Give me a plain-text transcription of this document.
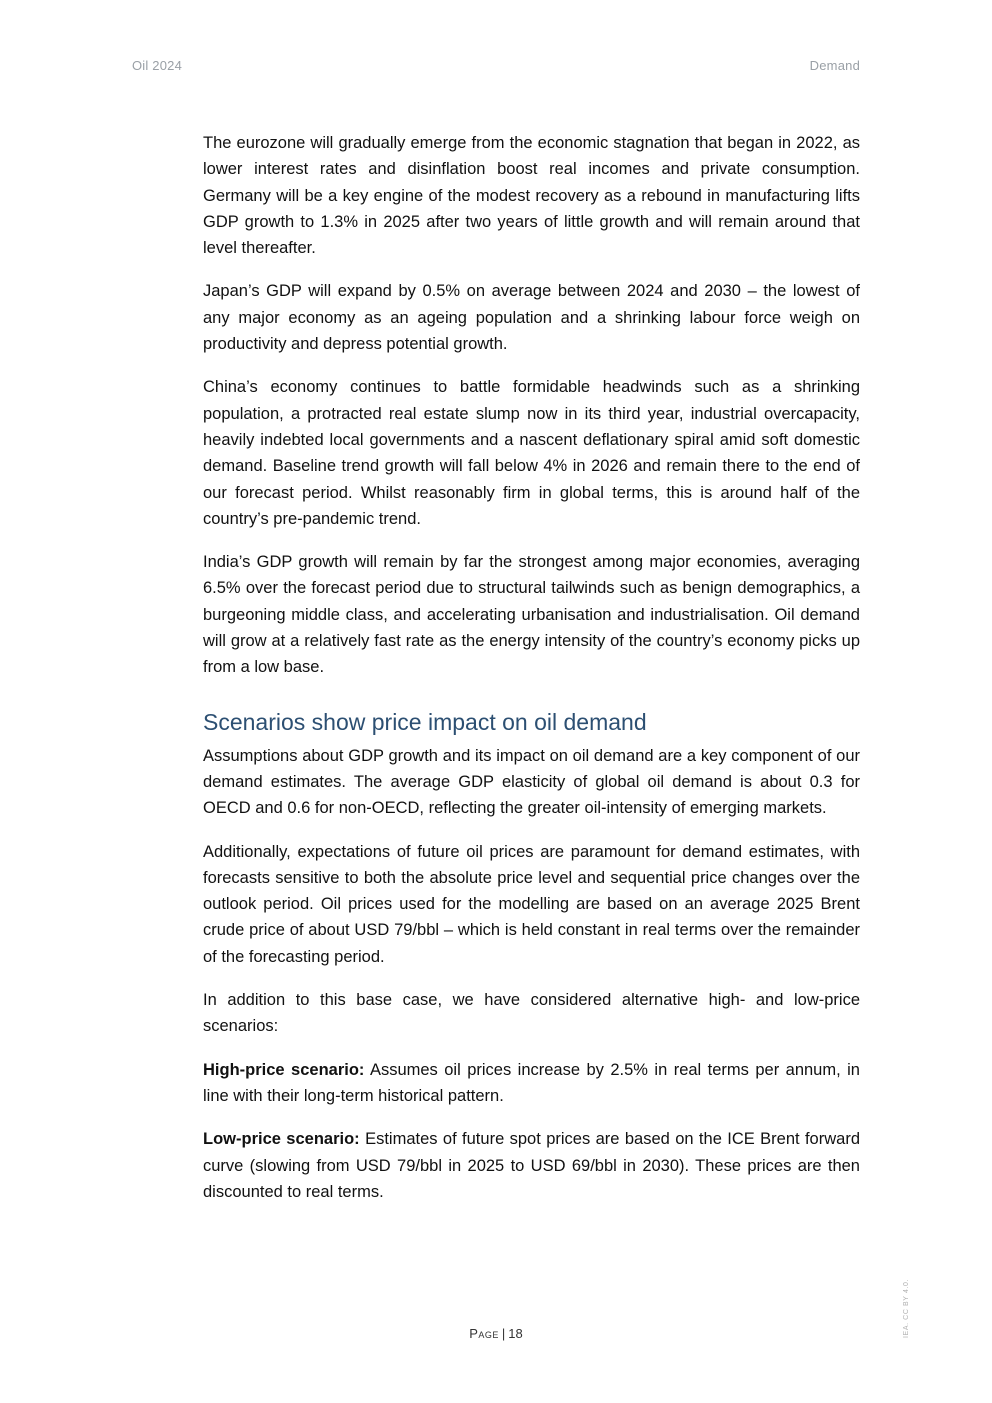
Oil 2024	Demand

The eurozone will gradually emerge from the economic stagnation that began in 2022, as lower interest rates and disinflation boost real incomes and private consumption. Germany will be a key engine of the modest recovery as a rebound in manufacturing lifts GDP growth to 1.3% in 2025 after two years of little growth and will remain around that level thereafter.

Japan’s GDP will expand by 0.5% on average between 2024 and 2030 – the lowest of any major economy as an ageing population and a shrinking labour force weigh on productivity and depress potential growth.

China’s economy continues to battle formidable headwinds such as a shrinking population, a protracted real estate slump now in its third year, industrial overcapacity, heavily indebted local governments and a nascent deflationary spiral amid soft domestic demand. Baseline trend growth will fall below 4% in 2026 and remain there to the end of our forecast period. Whilst reasonably firm in global terms, this is around half of the country’s pre-pandemic trend.

India’s GDP growth will remain by far the strongest among major economies, averaging 6.5% over the forecast period due to structural tailwinds such as benign demographics, a burgeoning middle class, and accelerating urbanisation and industrialisation. Oil demand will grow at a relatively fast rate as the energy intensity of the country’s economy picks up from a low base.

Scenarios show price impact on oil demand

Assumptions about GDP growth and its impact on oil demand are a key component of our demand estimates. The average GDP elasticity of global oil demand is about 0.3 for OECD and 0.6 for non-OECD, reflecting the greater oil-intensity of emerging markets.

Additionally, expectations of future oil prices are paramount for demand estimates, with forecasts sensitive to both the absolute price level and sequential price changes over the outlook period. Oil prices used for the modelling are based on an average 2025 Brent crude price of about USD 79/bbl – which is held constant in real terms over the remainder of the forecasting period.

In addition to this base case, we have considered alternative high- and low-price scenarios:

High-price scenario: Assumes oil prices increase by 2.5% in real terms per annum, in line with their long-term historical pattern.

Low-price scenario: Estimates of future spot prices are based on the ICE Brent forward curve (slowing from USD 79/bbl in 2025 to USD 69/bbl in 2030). These prices are then discounted to real terms.

Page | 18	IEA. CC BY 4.0.
